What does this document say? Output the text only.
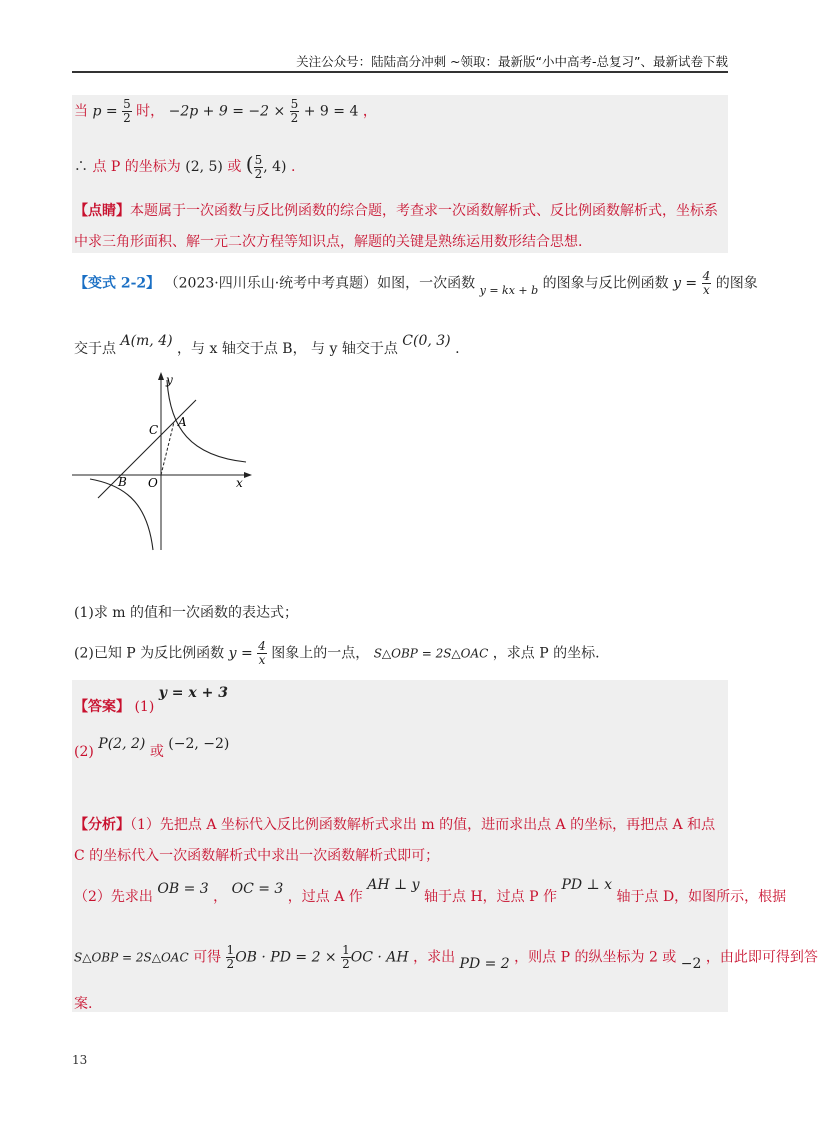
关注公众号：陆陆高分冲刺 ~领取：最新版“小中高考-总复习”、最新试卷下载
当 $p = \frac{5}{2}$ 时， $-2p + 9 = -2 \times \frac{5}{2} + 9 = 4$ ，
∴ 点 P 的坐标为 (2, 5) 或 ( $\frac{5}{2}$ , 4) .
【点睛】本题属于一次函数与反比例函数的综合题，考查求一次函数解析式、反比例函数解析式，坐标系中求三角形面积、解一元二次方程等知识点，解题的关键是熟练运用数形结合思想.
【变式 2-2】 （2023·四川乐山·统考中考真题）如图，一次函数 $_{y = kx + b}$ 的图象与反比例函数 $y = \frac{4}{x}$ 的图象
交于点 A(m, 4) ，与 x 轴交于点 B， 与 y 轴交于点 C(0, 3) .
y
x
A
B
C
O
(1)求 m 的值和一次函数的表达式；
(2)已知 P 为反比例函数 $y = \frac{4}{x}$ 图象上的一点， S△OBP = 2S△OAC ，求点 P 的坐标.
【答案】 (1) y = x + 3
(2) P(2, 2) 或 (−2, −2)
【分析】（1）先把点 A 坐标代入反比例函数解析式求出 m 的值，进而求出点 A 的坐标，再把点 A 和点 C 的坐标代入一次函数解析式中求出一次函数解析式即可；
（2）先求出 OB = 3 ， OC = 3 ，过点 A 作 AH ⊥ y 轴于点 H，过点 P 作 PD ⊥ x 轴于点 D，如图所示，根据
S△OBP = 2S△OAC 可得 $\frac{1}{2}$ OB · PD = $2 \times \frac{1}{2}$ OC · AH ，求出 PD = 2 ，则点 P 的纵坐标为 2 或 −2 ，由此即可得到答
案.
13
